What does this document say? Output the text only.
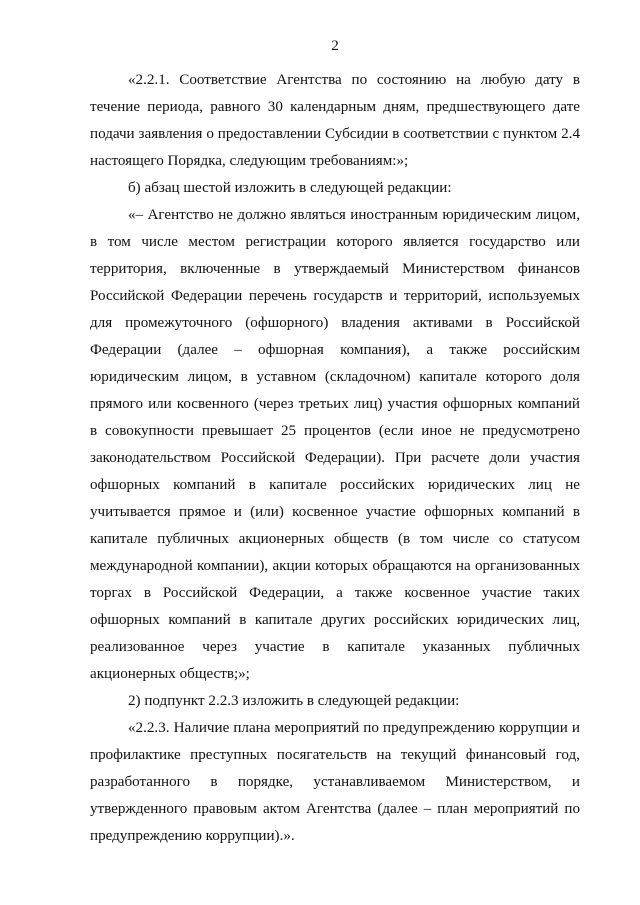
2

«2.2.1. Соответствие Агентства по состоянию на любую дату в течение периода, равного 30 календарным дням, предшествующего дате подачи заявления о предоставлении Субсидии в соответствии с пунктом 2.4 настоящего Порядка, следующим требованиям:»;

б) абзац шестой изложить в следующей редакции:

«– Агентство не должно являться иностранным юридическим лицом, в том числе местом регистрации которого является государство или территория, включенные в утверждаемый Министерством финансов Российской Федерации перечень государств и территорий, используемых для промежуточного (офшорного) владения активами в Российской Федерации (далее – офшорная компания), а также российским юридическим лицом, в уставном (складочном) капитале которого доля прямого или косвенного (через третьих лиц) участия офшорных компаний в совокупности превышает 25 процентов (если иное не предусмотрено законодательством Российской Федерации). При расчете доли участия офшорных компаний в капитале российских юридических лиц не учитывается прямое и (или) косвенное участие офшорных компаний в капитале публичных акционерных обществ (в том числе со статусом международной компании), акции которых обращаются на организованных торгах в Российской Федерации, а также косвенное участие таких офшорных компаний в капитале других российских юридических лиц, реализованное через участие в капитале указанных публичных акционерных обществ;»;

2) подпункт 2.2.3 изложить в следующей редакции:

«2.2.3. Наличие плана мероприятий по предупреждению коррупции и профилактике преступных посягательств на текущий финансовый год, разработанного в порядке, устанавливаемом Министерством, и утвержденного правовым актом Агентства (далее – план мероприятий по предупреждению коррупции).».
